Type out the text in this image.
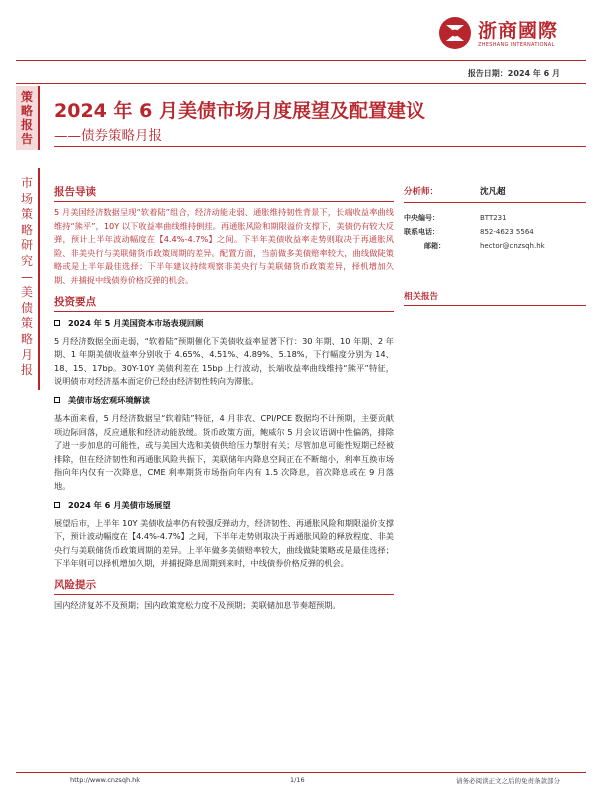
浙商國際
ZHESHANG INTERNATIONAL
报告日期：2024 年 6 月
策略报告
市场策略研究—美债策略月报
2024 年 6 月美债市场月度展望及配置建议
——债券策略月报
报告导读
5 月美国经济数据呈现“软着陆”组合，经济动能走弱、通胀维持韧性背景下，长端收益率曲线维持“熊平”，10Y 以下收益率曲线维持倒挂。再通胀风险和期限溢价支撑下，美债仍有较大反弹，预计上半年波动幅度在【4.4%-4.7%】之间。下半年美债收益率走势则取决于再通胀风险、非美央行与美联储货币政策周期的差异。配置方面，当前做多美债赔率较大，曲线做陡策略或是上半年最佳选择；下半年建议持续观察非美央行与美联储货币政策差异，择机增加久期、并捕捉中线债券价格反弹的机会。
投资要点
2024 年 5 月美国资本市场表现回顾
5 月经济数据全面走弱，“软着陆”预期催化下美债收益率显著下行：30 年期、10 年期、2 年期、1 年期美债收益率分别收于 4.65%、4.51%、4.89%、5.18%，下行幅度分别为 14、18、15、17bp。30Y-10Y 美债利差在 15bp 上行波动，长端收益率曲线维持“熊平”特征，说明债市对经济基本面定价已经由经济韧性转向为滞胀。
美债市场宏观环境解读
基本面来看，5 月经济数据呈“软着陆”特征，4 月非农、CPI/PCE 数据均不计预期，主要贡献项边际回落，反应通胀和经济动能放缓。货币政策方面，鲍威尔 5 月会议语调中性偏鸽，排除了进一步加息的可能性，或与美国大选和美债供给压力掣肘有关；尽管加息可能性短期已经被排除，但在经济韧性和再通胀风险共振下，美联储年内降息空间正在不断缩小，利率互换市场指向年内仅有一次降息，CME 利率期货市场指向年内有 1.5 次降息，首次降息或在 9 月落地。
2024 年 6 月美债市场展望
展望后市，上半年 10Y 美债收益率仍有较强反弹动力，经济韧性、再通胀风险和期限溢价支撑下，预计波动幅度在【4.4%-4.7%】之间，下半年走势则取决于再通胀风险的释放程度、非美央行与美联储货币政策周期的差异。上半年做多美债赔率较大，曲线做陡策略或是最佳选择；下半年则可以择机增加久期，并捕捉降息周期到来时，中线债券价格反弹的机会。
风险提示
国内经济复苏不及预期；国内政策宽松力度不及预期；美联储加息节奏超预期。
分析师：	沈凡超
中央编号：	BTT231
联系电话：	852-4623 5564
邮箱：	hector@cnzsqh.hk
相关报告
http://www.cnzsqh.hk	1/16	请务必阅读正文之后的免责条款部分
